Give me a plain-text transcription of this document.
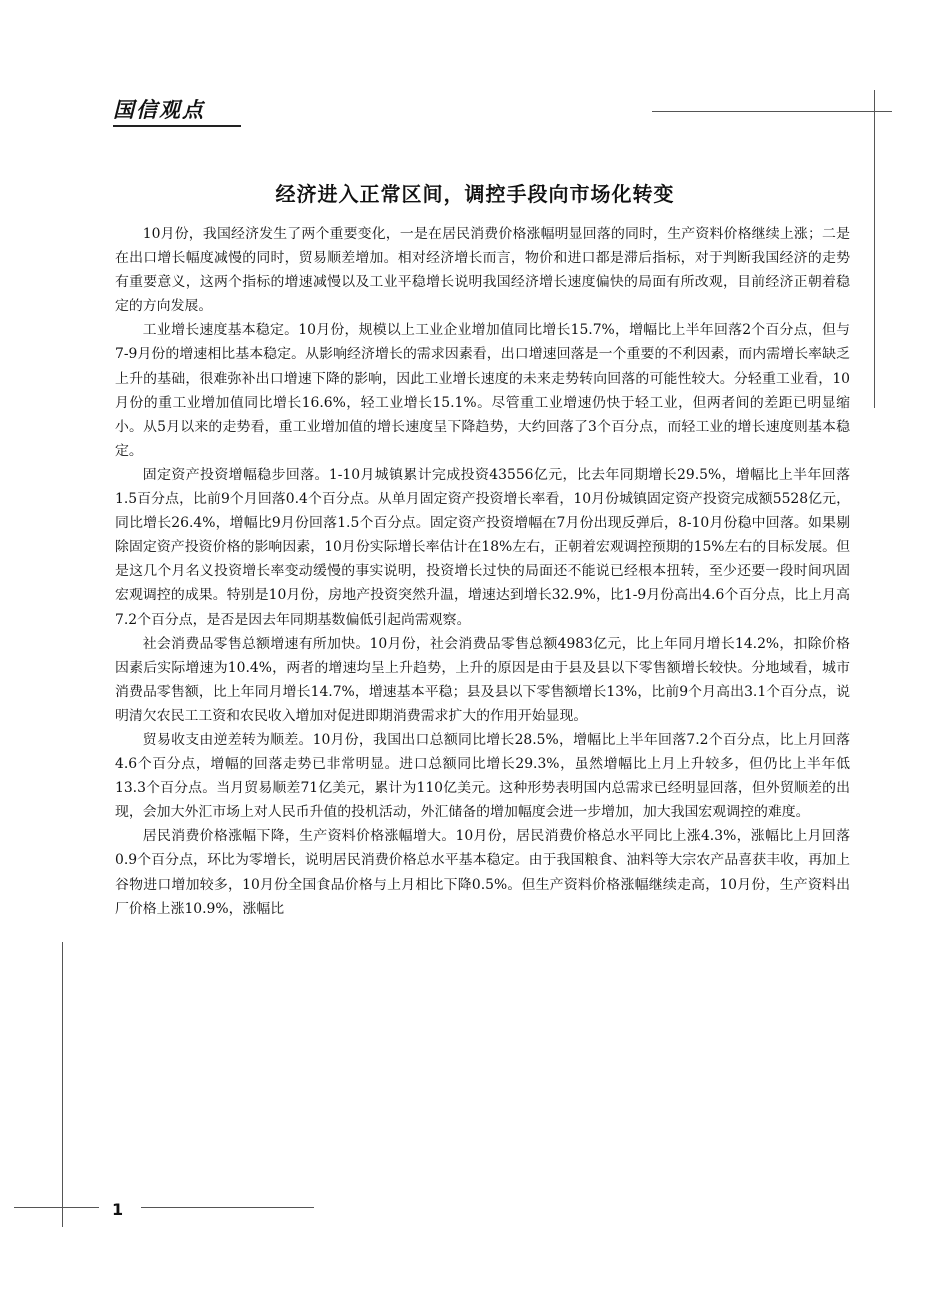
国信观点
经济进入正常区间，调控手段向市场化转变

10月份，我国经济发生了两个重要变化，一是在居民消费价格涨幅明显回落的同时，生产资料价格继续上涨；二是在出口增长幅度减慢的同时，贸易顺差增加。相对经济增长而言，物价和进口都是滞后指标，对于判断我国经济的走势有重要意义，这两个指标的增速减慢以及工业平稳增长说明我国经济增长速度偏快的局面有所改观，目前经济正朝着稳定的方向发展。

工业增长速度基本稳定。10月份，规模以上工业企业增加值同比增长15.7%，增幅比上半年回落2个百分点，但与7-9月份的增速相比基本稳定。从影响经济增长的需求因素看，出口增速回落是一个重要的不利因素，而内需增长率缺乏上升的基础，很难弥补出口增速下降的影响，因此工业增长速度的未来走势转向回落的可能性较大。分轻重工业看，10月份的重工业增加值同比增长16.6%，轻工业增长15.1%。尽管重工业增速仍快于轻工业，但两者间的差距已明显缩小。从5月以来的走势看，重工业增加值的增长速度呈下降趋势，大约回落了3个百分点，而轻工业的增长速度则基本稳定。

固定资产投资增幅稳步回落。1-10月城镇累计完成投资43556亿元，比去年同期增长29.5%，增幅比上半年回落1.5百分点，比前9个月回落0.4个百分点。从单月固定资产投资增长率看，10月份城镇固定资产投资完成额5528亿元，同比增长26.4%，增幅比9月份回落1.5个百分点。固定资产投资增幅在7月份出现反弹后，8-10月份稳中回落。如果剔除固定资产投资价格的影响因素，10月份实际增长率估计在18%左右，正朝着宏观调控预期的15%左右的目标发展。但是这几个月名义投资增长率变动缓慢的事实说明，投资增长过快的局面还不能说已经根本扭转，至少还要一段时间巩固宏观调控的成果。特别是10月份，房地产投资突然升温，增速达到增长32.9%，比1-9月份高出4.6个百分点，比上月高7.2个百分点，是否是因去年同期基数偏低引起尚需观察。

社会消费品零售总额增速有所加快。10月份，社会消费品零售总额4983亿元，比上年同月增长14.2%，扣除价格因素后实际增速为10.4%，两者的增速均呈上升趋势，上升的原因是由于县及县以下零售额增长较快。分地域看，城市消费品零售额，比上年同月增长14.7%，增速基本平稳；县及县以下零售额增长13%，比前9个月高出3.1个百分点，说明清欠农民工工资和农民收入增加对促进即期消费需求扩大的作用开始显现。

贸易收支由逆差转为顺差。10月份，我国出口总额同比增长28.5%，增幅比上半年回落7.2个百分点，比上月回落4.6个百分点，增幅的回落走势已非常明显。进口总额同比增长29.3%，虽然增幅比上月上升较多，但仍比上半年低13.3个百分点。当月贸易顺差71亿美元，累计为110亿美元。这种形势表明国内总需求已经明显回落，但外贸顺差的出现，会加大外汇市场上对人民币升值的投机活动，外汇储备的增加幅度会进一步增加，加大我国宏观调控的难度。

居民消费价格涨幅下降，生产资料价格涨幅增大。10月份，居民消费价格总水平同比上涨4.3%，涨幅比上月回落0.9个百分点，环比为零增长，说明居民消费价格总水平基本稳定。由于我国粮食、油料等大宗农产品喜获丰收，再加上谷物进口增加较多，10月份全国食品价格与上月相比下降0.5%。但生产资料价格涨幅继续走高，10月份，生产资料出厂价格上涨10.9%，涨幅比

1
